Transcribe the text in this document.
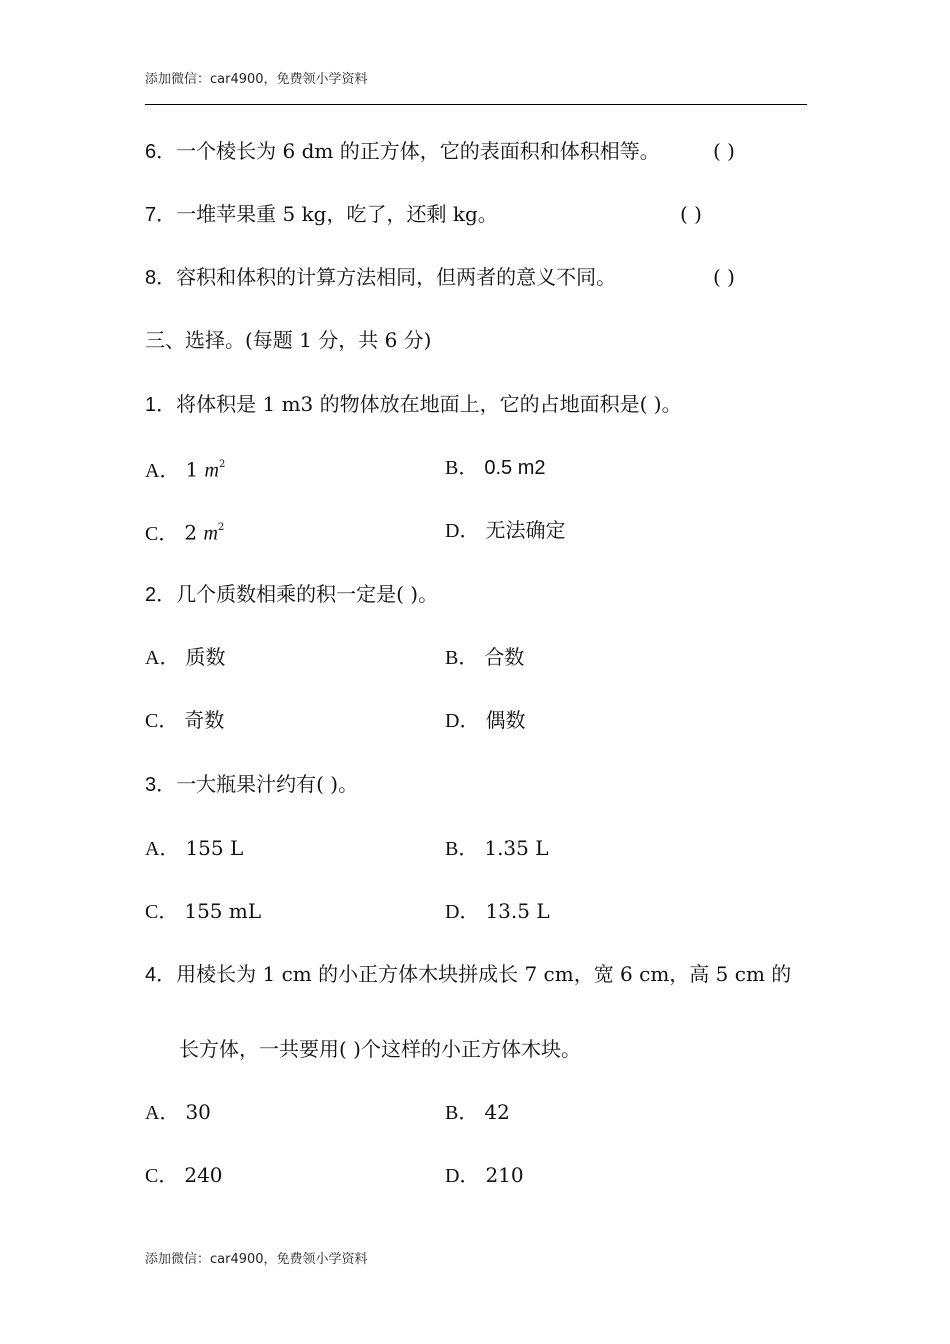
添加微信：car4900，免费领小学资料
6．一个棱长为 6 dm 的正方体，它的表面积和体积相等。	( )
7．一堆苹果重 5 kg，吃了，还剩 kg。	( )
8．容积和体积的计算方法相同，但两者的意义不同。	( )
三、选择。(每题 1 分，共 6 分)
1．将体积是 1 m3 的物体放在地面上，它的占地面积是( )。
A． 1 $m^2$	B． 0.5 m2
C． 2 $m^2$	D． 无法确定
2．几个质数相乘的积一定是( )。
A． 质数	B． 合数
C． 奇数	D． 偶数
3．一大瓶果汁约有( )。
A． 155 L	B． 1.35 L
C． 155 mL	D． 13.5 L
4．用棱长为 1 cm 的小正方体木块拼成长 7 cm，宽 6 cm，高 5 cm 的
长方体，一共要用( )个这样的小正方体木块。
A． 30	B． 42
C． 240	D． 210
添加微信：car4900，免费领小学资料
